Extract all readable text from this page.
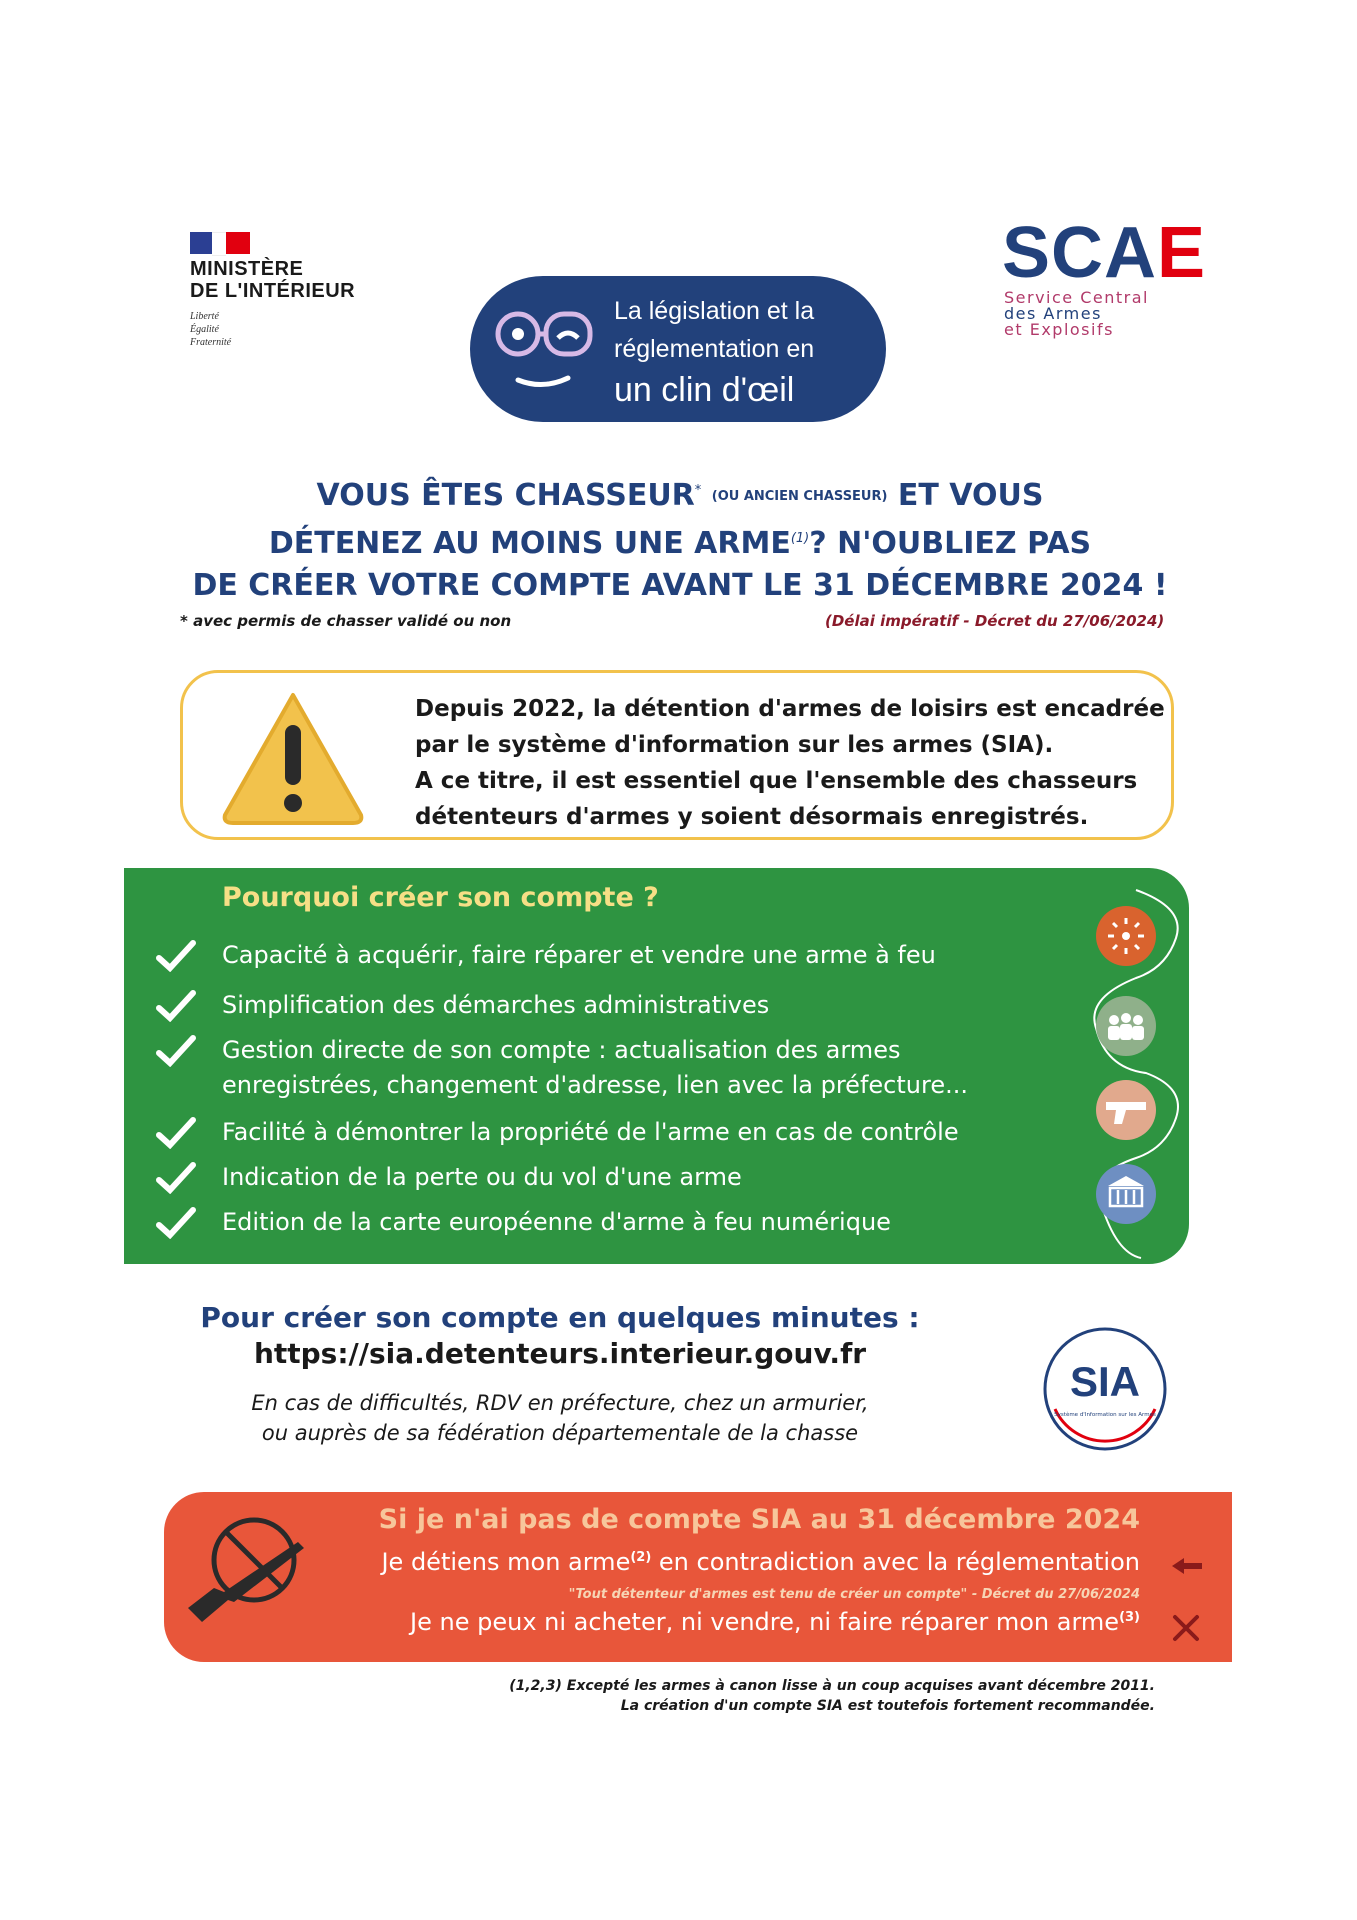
MINISTÈRE
DE L'INTÉRIEUR
Liberté
Égalité
Fraternité
La législation et la
réglementation en
un clin d'œil
SCAE
Service Central
des Armes
et Explosifs
VOUS ÊTES CHASSEUR* (OU ANCIEN CHASSEUR) ET VOUS
DÉTENEZ AU MOINS UNE ARME$^{(1)}$? N'OUBLIEZ PAS
DE CRÉER VOTRE COMPTE AVANT LE 31 DÉCEMBRE 2024 !
* avec permis de chasser validé ou non	(Délai impératif - Décret du 27/06/2024)
Depuis 2022, la détention d'armes de loisirs est encadrée
par le système d'information sur les armes (SIA).
A ce titre, il est essentiel que l'ensemble des chasseurs
détenteurs d'armes y soient désormais enregistrés.
Pourquoi créer son compte ?
Capacité à acquérir, faire réparer et vendre une arme à feu
Simplification des démarches administratives
Gestion directe de son compte : actualisation des armes
enregistrées, changement d'adresse, lien avec la préfecture...
Facilité à démontrer la propriété de l'arme en cas de contrôle
Indication de la perte ou du vol d'une arme
Edition de la carte européenne d'arme à feu numérique
Pour créer son compte en quelques minutes :
https://sia.detenteurs.interieur.gouv.fr
En cas de difficultés, RDV en préfecture, chez un armurier,
ou auprès de sa fédération départementale de la chasse
SIA
Système d'Information sur les Armes
Si je n'ai pas de compte SIA au 31 décembre 2024
Je détiens mon arme$^{(2)}$ en contradiction avec la réglementation
"Tout détenteur d'armes est tenu de créer un compte" - Décret du 27/06/2024
Je ne peux ni acheter, ni vendre, ni faire réparer mon arme$^{(3)}$
(1,2,3) Excepté les armes à canon lisse à un coup acquises avant décembre 2011.
La création d'un compte SIA est toutefois fortement recommandée.
